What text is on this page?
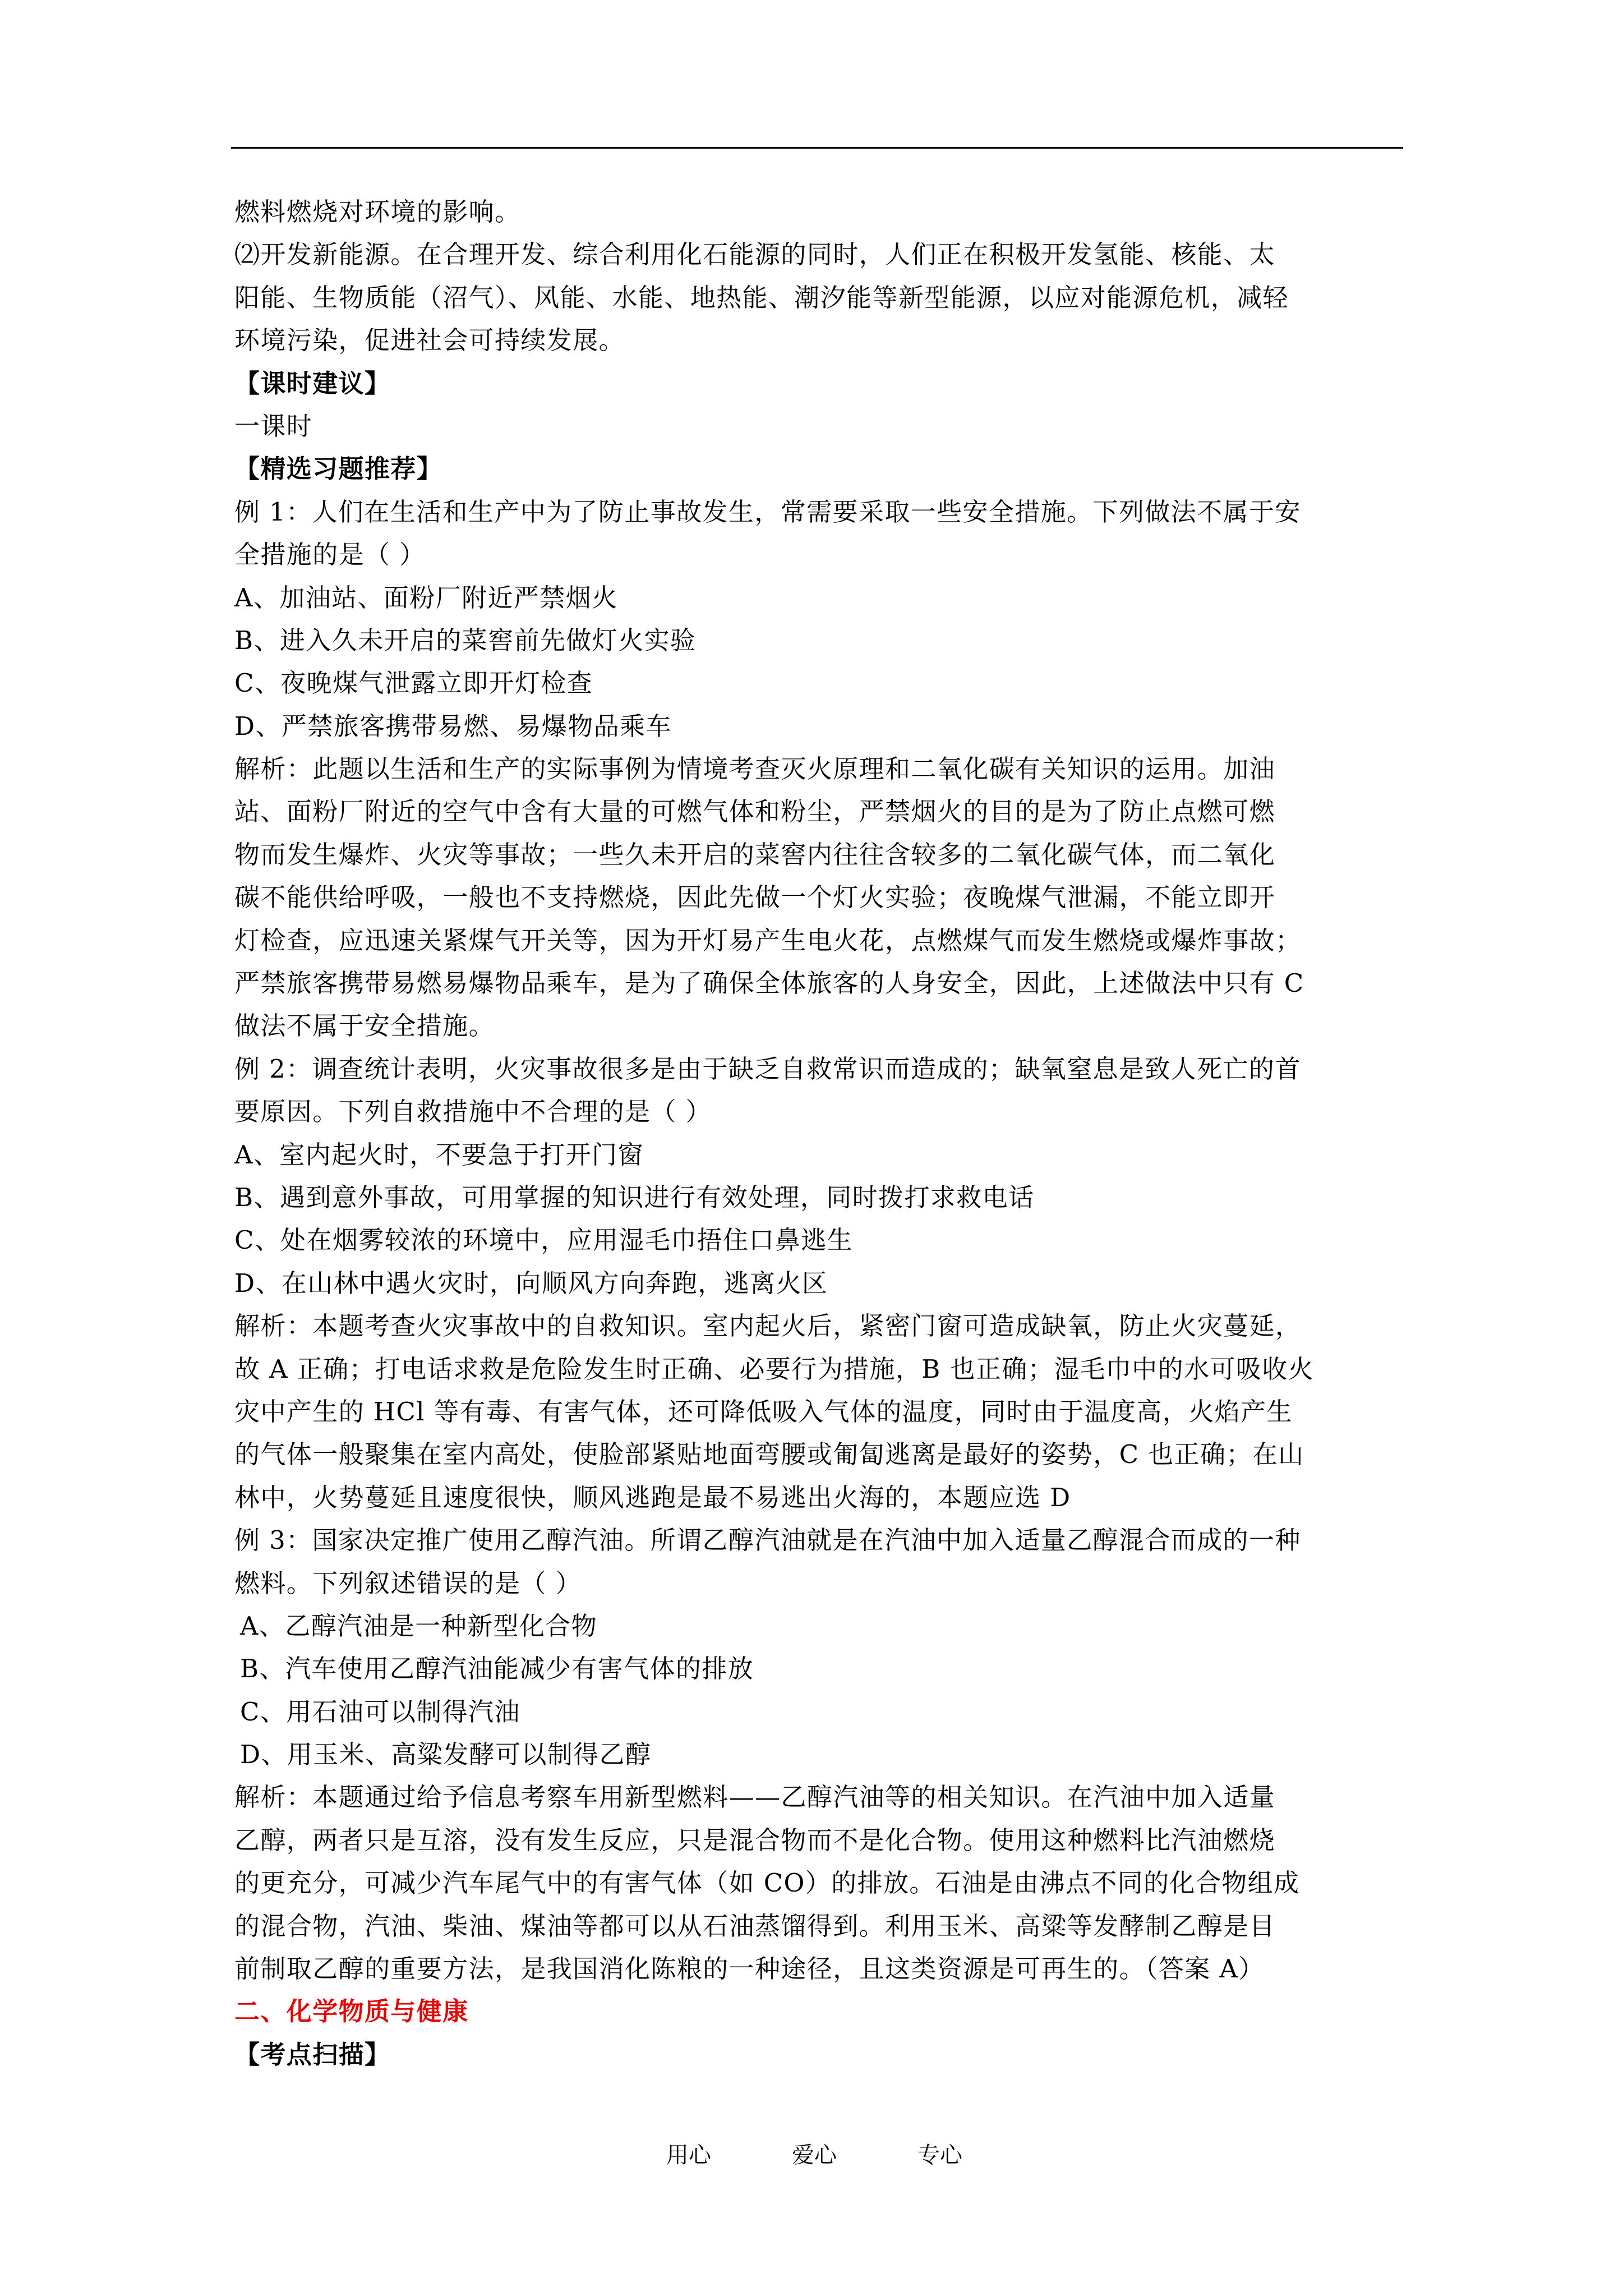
燃料燃烧对环境的影响。
⑵开发新能源。在合理开发、综合利用化石能源的同时，人们正在积极开发氢能、核能、太
阳能、生物质能（沼气）、风能、水能、地热能、潮汐能等新型能源，以应对能源危机，减轻
环境污染，促进社会可持续发展。
【课时建议】
一课时
【精选习题推荐】
例 1：人们在生活和生产中为了防止事故发生，常需要采取一些安全措施。下列做法不属于安
全措施的是（ ）
A、加油站、面粉厂附近严禁烟火
B、进入久未开启的菜窖前先做灯火实验
C、夜晚煤气泄露立即开灯检查
D、严禁旅客携带易燃、易爆物品乘车
解析：此题以生活和生产的实际事例为情境考查灭火原理和二氧化碳有关知识的运用。加油
站、面粉厂附近的空气中含有大量的可燃气体和粉尘，严禁烟火的目的是为了防止点燃可燃
物而发生爆炸、火灾等事故；一些久未开启的菜窖内往往含较多的二氧化碳气体，而二氧化
碳不能供给呼吸，一般也不支持燃烧，因此先做一个灯火实验；夜晚煤气泄漏，不能立即开
灯检查，应迅速关紧煤气开关等，因为开灯易产生电火花，点燃煤气而发生燃烧或爆炸事故；
严禁旅客携带易燃易爆物品乘车，是为了确保全体旅客的人身安全，因此，上述做法中只有 C
做法不属于安全措施。
例 2：调查统计表明，火灾事故很多是由于缺乏自救常识而造成的；缺氧窒息是致人死亡的首
要原因。下列自救措施中不合理的是（ ）
A、室内起火时，不要急于打开门窗
B、遇到意外事故，可用掌握的知识进行有效处理，同时拨打求救电话
C、处在烟雾较浓的环境中，应用湿毛巾捂住口鼻逃生
D、在山林中遇火灾时，向顺风方向奔跑，逃离火区
解析：本题考查火灾事故中的自救知识。室内起火后，紧密门窗可造成缺氧，防止火灾蔓延，
故 A 正确；打电话求救是危险发生时正确、必要行为措施，B 也正确；湿毛巾中的水可吸收火
灾中产生的 HCl 等有毒、有害气体，还可降低吸入气体的温度，同时由于温度高，火焰产生
的气体一般聚集在室内高处，使脸部紧贴地面弯腰或匍匐逃离是最好的姿势，C 也正确；在山
林中，火势蔓延且速度很快，顺风逃跑是最不易逃出火海的，本题应选 D
例 3：国家决定推广使用乙醇汽油。所谓乙醇汽油就是在汽油中加入适量乙醇混合而成的一种
燃料。下列叙述错误的是（ ）
A、乙醇汽油是一种新型化合物
B、汽车使用乙醇汽油能减少有害气体的排放
C、用石油可以制得汽油
D、用玉米、高粱发酵可以制得乙醇
解析：本题通过给予信息考察车用新型燃料——乙醇汽油等的相关知识。在汽油中加入适量
乙醇，两者只是互溶，没有发生反应，只是混合物而不是化合物。使用这种燃料比汽油燃烧
的更充分，可减少汽车尾气中的有害气体（如 CO）的排放。石油是由沸点不同的化合物组成
的混合物，汽油、柴油、煤油等都可以从石油蒸馏得到。利用玉米、高粱等发酵制乙醇是目
前制取乙醇的重要方法，是我国消化陈粮的一种途径，且这类资源是可再生的。（答案 A）
二、化学物质与健康
【考点扫描】
用心	爱心	专心
